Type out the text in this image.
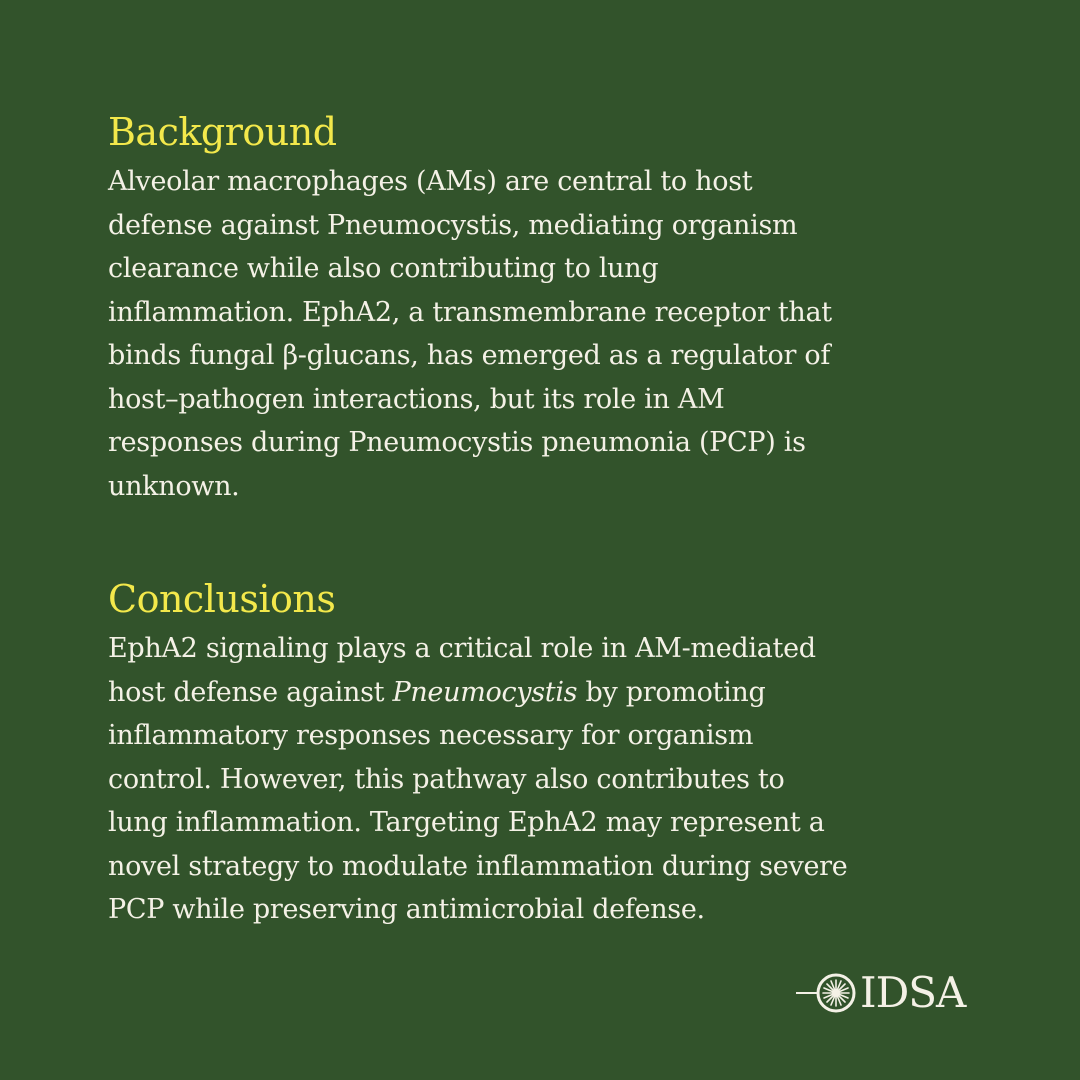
Background

Alveolar macrophages (AMs) are central to host
defense against Pneumocystis, mediating organism
clearance while also contributing to lung
inflammation. EphA2, a transmembrane receptor that
binds fungal β-glucans, has emerged as a regulator of
host–pathogen interactions, but its role in AM
responses during Pneumocystis pneumonia (PCP) is
unknown.

Conclusions

EphA2 signaling plays a critical role in AM-mediated
host defense against Pneumocystis by promoting
inflammatory responses necessary for organism
control. However, this pathway also contributes to
lung inflammation. Targeting EphA2 may represent a
novel strategy to modulate inflammation during severe
PCP while preserving antimicrobial defense.

IDSA
